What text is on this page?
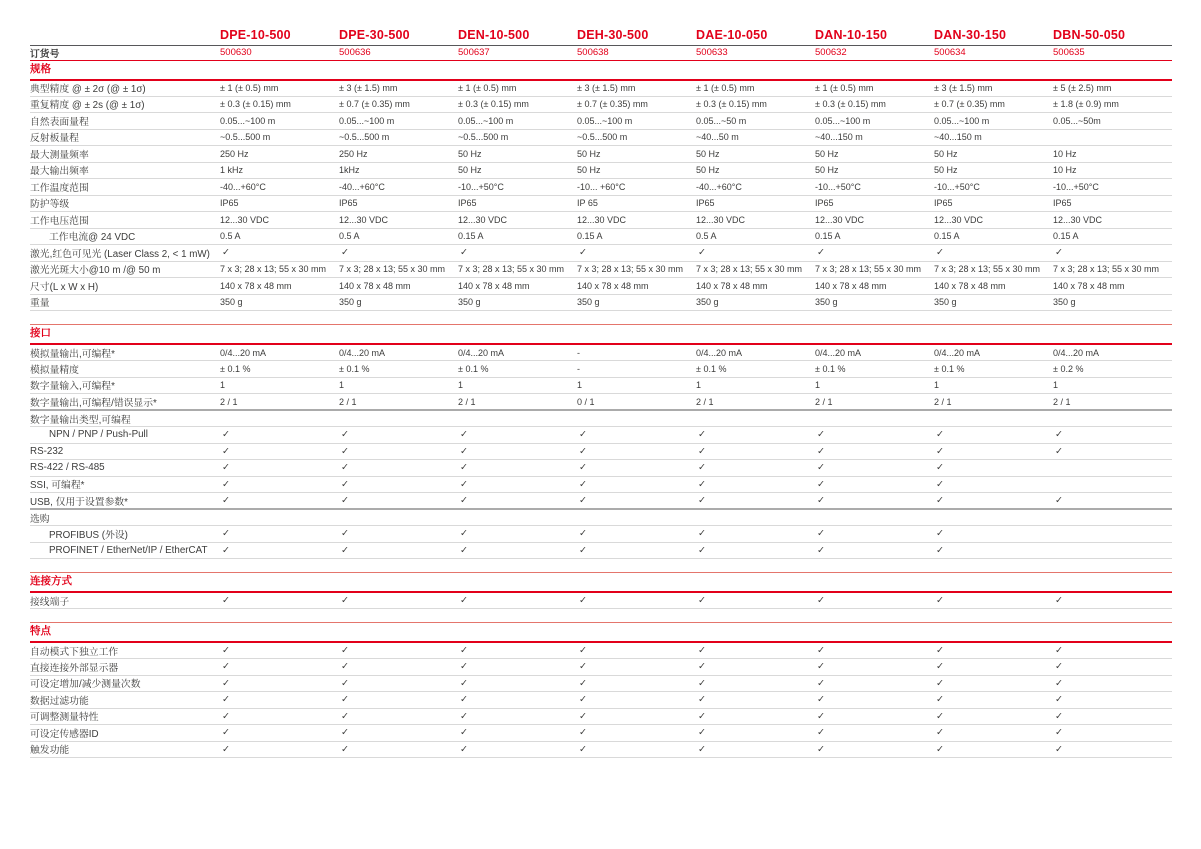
	DPE-10-500	DPE-30-500	DEN-10-500	DEH-30-500	DAE-10-050	DAN-10-150	DAN-30-150	DBN-50-050
订货号	500630	500636	500637	500638	500633	500632	500634	500635
规格								
典型精度 @ ± 2σ (@ ± 1σ)	± 1 (± 0.5) mm	± 3 (± 1.5) mm	± 1 (± 0.5) mm	± 3 (± 1.5) mm	± 1 (± 0.5) mm	± 1 (± 0.5) mm	± 3 (± 1.5) mm	± 5 (± 2.5) mm
重复精度 @ ± 2s (@ ± 1σ)	± 0.3 (± 0.15) mm	± 0.7 (± 0.35) mm	± 0.3 (± 0.15) mm	± 0.7 (± 0.35) mm	± 0.3 (± 0.15) mm	± 0.3 (± 0.15) mm	± 0.7 (± 0.35) mm	± 1.8 (± 0.9) mm
自然表面量程	0.05...~100 m	0.05...~100 m	0.05...~100 m	0.05...~100 m	0.05...~50 m	0.05...~100 m	0.05...~100 m	0.05...~50m
反射板量程	~0.5...500 m	~0.5...500 m	~0.5...500 m	~0.5...500 m	~40...50 m	~40...150 m	~40...150 m	
最大测量频率	250 Hz	250 Hz	50 Hz	50 Hz	50 Hz	50 Hz	50 Hz	10 Hz
最大输出频率	1 kHz	1kHz	50 Hz	50 Hz	50 Hz	50 Hz	50 Hz	10 Hz
工作温度范围	-40...+60°C	-40...+60°C	-10...+50°C	-10... +60°C	-40...+60°C	-10...+50°C	-10...+50°C	-10...+50°C
防护等级	IP65	IP65	IP65	IP 65	IP65	IP65	IP65	IP65
工作电压范围	12...30 VDC	12...30 VDC	12...30 VDC	12...30 VDC	12...30 VDC	12...30 VDC	12...30 VDC	12...30 VDC
工作电流@ 24 VDC	0.5 A	0.5 A	0.15 A	0.15 A	0.5 A	0.15 A	0.15 A	0.15 A
激光,红色可见光 (Laser Class 2, < 1 mW)	✓	✓	✓	✓	✓	✓	✓	✓
激光光斑大小@10 m /@ 50 m	7 x 3; 28 x 13; 55 x 30 mm	7 x 3; 28 x 13; 55 x 30 mm	7 x 3; 28 x 13; 55 x 30 mm	7 x 3; 28 x 13; 55 x 30 mm	7 x 3; 28 x 13; 55 x 30 mm	7 x 3; 28 x 13; 55 x 30 mm	7 x 3; 28 x 13; 55 x 30 mm	7 x 3; 28 x 13; 55 x 30 mm
尺寸(L x W x H)	140 x 78 x 48 mm	140 x 78 x 48 mm	140 x 78 x 48 mm	140 x 78 x 48 mm	140 x 78 x 48 mm	140 x 78 x 48 mm	140 x 78 x 48 mm	140 x 78 x 48 mm
重量	350 g	350 g	350 g	350 g	350 g	350 g	350 g	350 g

接口								
模拟量输出,可编程*	0/4...20 mA	0/4...20 mA	0/4...20 mA	-	0/4...20 mA	0/4...20 mA	0/4...20 mA	0/4...20 mA
模拟量精度	± 0.1 %	± 0.1 %	± 0.1 %	-	± 0.1 %	± 0.1 %	± 0.1 %	± 0.2 %
数字量输入,可编程*	1	1	1	1	1	1	1	1
数字量输出,可编程/错误显示*	2 / 1	2 / 1	2 / 1	0 / 1	2 / 1	2 / 1	2 / 1	2 / 1
数字量输出类型,可编程								
NPN / PNP / Push-Pull	✓	✓	✓	✓	✓	✓	✓	✓
RS-232	✓	✓	✓	✓	✓	✓	✓	✓
RS-422 / RS-485	✓	✓	✓	✓	✓	✓	✓	
SSI, 可编程*	✓	✓	✓	✓	✓	✓	✓	
USB, 仅用于设置参数*	✓	✓	✓	✓	✓	✓	✓	✓
选购								
PROFIBUS (外设)	✓	✓	✓	✓	✓	✓	✓	
PROFINET / EtherNet/IP / EtherCAT	✓	✓	✓	✓	✓	✓	✓	

连接方式								
接线端子	✓	✓	✓	✓	✓	✓	✓	✓

特点								
自动模式下独立工作	✓	✓	✓	✓	✓	✓	✓	✓
直接连接外部显示器	✓	✓	✓	✓	✓	✓	✓	✓
可设定增加/减少测量次数	✓	✓	✓	✓	✓	✓	✓	✓
数据过滤功能	✓	✓	✓	✓	✓	✓	✓	✓
可调整测量特性	✓	✓	✓	✓	✓	✓	✓	✓
可设定传感器ID	✓	✓	✓	✓	✓	✓	✓	✓
触发功能	✓	✓	✓	✓	✓	✓	✓	✓
